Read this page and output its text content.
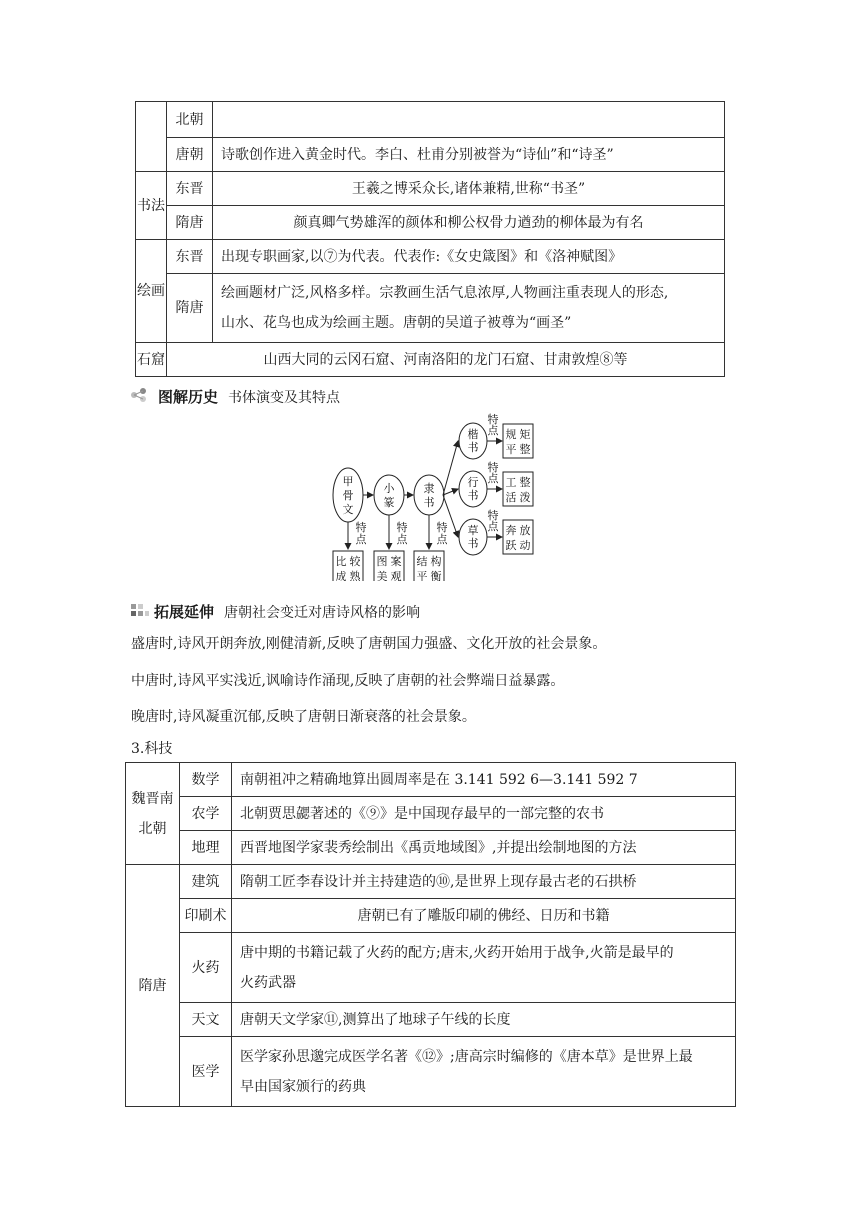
	北朝	
	唐朝	诗歌创作进入黄金时代。李白、杜甫分别被誉为“诗仙”和“诗圣”
书法	东晋	王羲之博采众长,诸体兼精,世称“书圣”
	隋唐	颜真卿气势雄浑的颜体和柳公权骨力遒劲的柳体最为有名
绘画	东晋	出现专职画家,以⑦为代表。代表作:《女史箴图》和《洛神赋图》
	隋唐	绘画题材广泛,风格多样。宗教画生活气息浓厚,人物画注重表现人的形态,
山水、花鸟也成为绘画主题。唐朝的吴道子被尊为“画圣”

石窟	山西大同的云冈石窟、河南洛阳的龙门石窟、甘肃敦煌⑧等	
图解历史 书体演变及其特点
甲
骨
文
特
点
比 较
成 熟
小
篆
特
点
图 案
美 观
隶
书
特
点
结 构
平 衡
楷
书
特
点 规 矩
平 整
行
书
特
点 工 整
活 泼
草
书
特
点 奔 放
跃 动
拓展延伸 唐朝社会变迁对唐诗风格的影响
盛唐时,诗风开朗奔放,刚健清新,反映了唐朝国力强盛、文化开放的社会景象。
中唐时,诗风平实浅近,讽喻诗作涌现,反映了唐朝的社会弊端日益暴露。
晚唐时,诗风凝重沉郁,反映了唐朝日渐衰落的社会景象。
3.科技
魏晋南
北朝	数学	南朝祖冲之精确地算出圆周率是在 3.141 592 6—3.141 592 7
	农学	北朝贾思勰著述的《⑨》是中国现存最早的一部完整的农书
	地理	西晋地图学家裴秀绘制出《禹贡地域图》,并提出绘制地图的方法
隋唐	建筑	隋朝工匠李春设计并主持建造的⑩,是世界上现存最古老的石拱桥
	印刷术	唐朝已有了雕版印刷的佛经、日历和书籍
	火药	唐中期的书籍记载了火药的配方;唐末,火药开始用于战争,火箭是最早的
火药武器

	天文	唐朝天文学家⑪,测算出了地球子午线的长度
	医学	医学家孙思邈完成医学名著《⑫》;唐高宗时编修的《唐本草》是世界上最
早由国家颁行的药典
